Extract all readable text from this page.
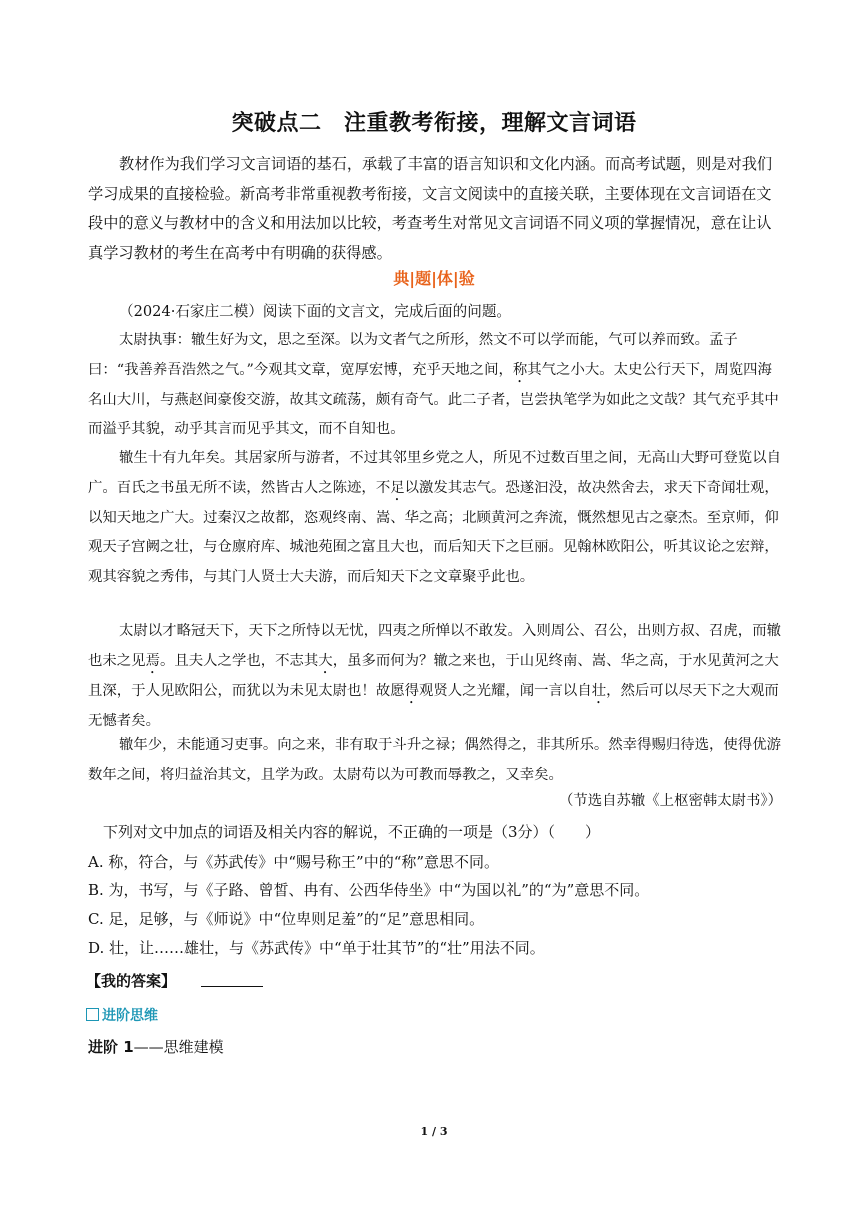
突破点二　注重教考衔接，理解文言词语

教材作为我们学习文言词语的基石，承载了丰富的语言知识和文化内涵。而高考试题，则是对我们学习成果的直接检验。新高考非常重视教考衔接，文言文阅读中的直接关联，主要体现在文言词语在文段中的意义与教材中的含义和用法加以比较，考查考生对常见文言词语不同义项的掌握情况，意在让认真学习教材的考生在高考中有明确的获得感。

典|题|体|验

（2024·石家庄二模）阅读下面的文言文，完成后面的问题。

太尉执事：辙生好为文，思之至深。以为文者气之所形，然文不可以学而能，气可以养而致。孟子曰：“我善养吾浩然之气。”今观其文章，宽厚宏博，充乎天地之间，称其气之小大。太史公行天下，周览四海名山大川，与燕赵间豪俊交游，故其文疏荡，颇有奇气。此二子者，岂尝执笔学为如此之文哉？其气充乎其中而溢乎其貌，动乎其言而见乎其文，而不自知也。

辙生十有九年矣。其居家所与游者，不过其邻里乡党之人，所见不过数百里之间，无高山大野可登览以自广。百氏之书虽无所不读，然皆古人之陈迹，不足以激发其志气。恐遂汩没，故决然舍去，求天下奇闻壮观，以知天地之广大。过秦汉之故都，恣观终南、嵩、华之高；北顾黄河之奔流，慨然想见古之豪杰。至京师，仰观天子宫阙之壮，与仓廪府库、城池苑囿之富且大也，而后知天下之巨丽。见翰林欧阳公，听其议论之宏辩，观其容貌之秀伟，与其门人贤士大夫游，而后知天下之文章聚乎此也。

太尉以才略冠天下，天下之所恃以无忧，四夷之所惮以不敢发。入则周公、召公，出则方叔、召虎，而辙也未之见焉。且夫人之学也，不志其大，虽多而何为？辙之来也，于山见终南、嵩、华之高，于水见黄河之大且深，于人见欧阳公，而犹以为未见太尉也！故愿得观贤人之光耀，闻一言以自壮，然后可以尽天下之大观而无憾者矣。

辙年少，未能通习吏事。向之来，非有取于斗升之禄；偶然得之，非其所乐。然幸得赐归待选，使得优游数年之间，将归益治其文，且学为政。太尉苟以为可教而辱教之，又幸矣。

（节选自苏辙《上枢密韩太尉书》）

下列对文中加点的词语及相关内容的解说，不正确的一项是（3分）（　　）

A. 称，符合，与《苏武传》中“赐号称王”中的“称”意思不同。

B. 为，书写，与《子路、曾皙、冉有、公西华侍坐》中“为国以礼”的“为”意思不同。

C. 足，足够，与《师说》中“位卑则足羞”的“足”意思相同。

D. 壮，让……雄壮，与《苏武传》中“单于壮其节”的“壮”用法不同。

【我的答案】
进阶思维
进阶 1——思维建模
1 / 3
